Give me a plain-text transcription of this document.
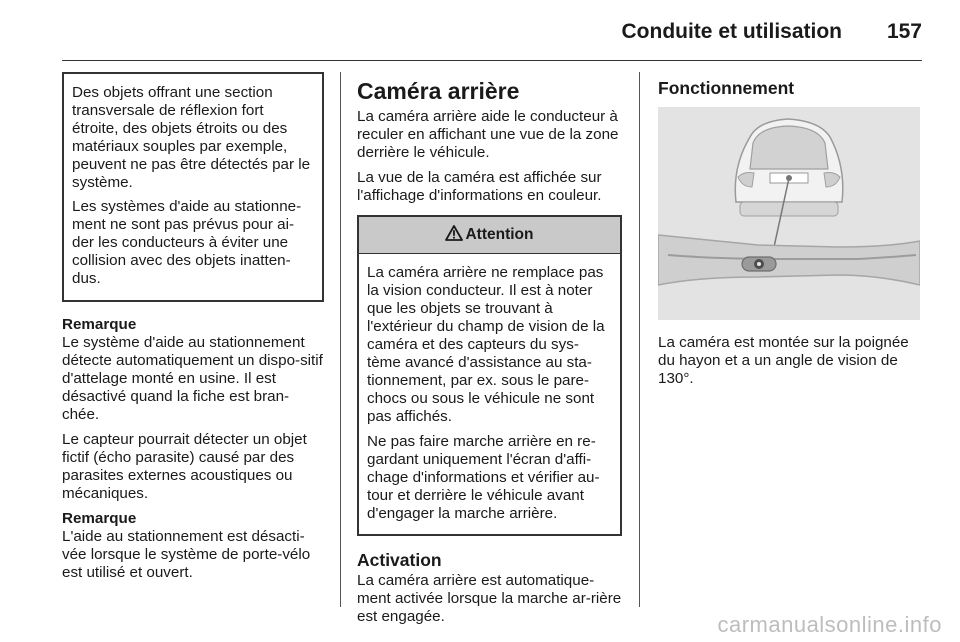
Conduite et utilisation 157

Des objets offrant une section transversale de réflexion fort étroite, des objets étroits ou des matériaux souples par exemple, peuvent ne pas être détectés par le système.

Les systèmes d'aide au stationne-ment ne sont pas prévus pour ai-der les conducteurs à éviter une collision avec des objets inatten-dus.

Remarque

Le système d'aide au stationnement détecte automatiquement un dispo-sitif d'attelage monté en usine. Il est désactivé quand la fiche est bran-chée.

Le capteur pourrait détecter un objet fictif (écho parasite) causé par des parasites externes acoustiques ou mécaniques.

Remarque

L'aide au stationnement est désacti-vée lorsque le système de porte-vélo est utilisé et ouvert.

Caméra arrière

La caméra arrière aide le conducteur à reculer en affichant une vue de la zone derrière le véhicule.

La vue de la caméra est affichée sur l'affichage d'informations en couleur.

Attention

La caméra arrière ne remplace pas la vision conducteur. Il est à noter que les objets se trouvant à l'extérieur du champ de vision de la caméra et des capteurs du sys-tème avancé d'assistance au sta-tionnement, par ex. sous le pare-chocs ou sous le véhicule ne sont pas affichés.

Ne pas faire marche arrière en re-gardant uniquement l'écran d'affi-chage d'informations et vérifier au-tour et derrière le véhicule avant d'engager la marche arrière.

Activation

La caméra arrière est automatique-ment activée lorsque la marche ar-rière est engagée.

Fonctionnement

La caméra est montée sur la poignée du hayon et a un angle de vision de 130°.

carmanualsonline.info
